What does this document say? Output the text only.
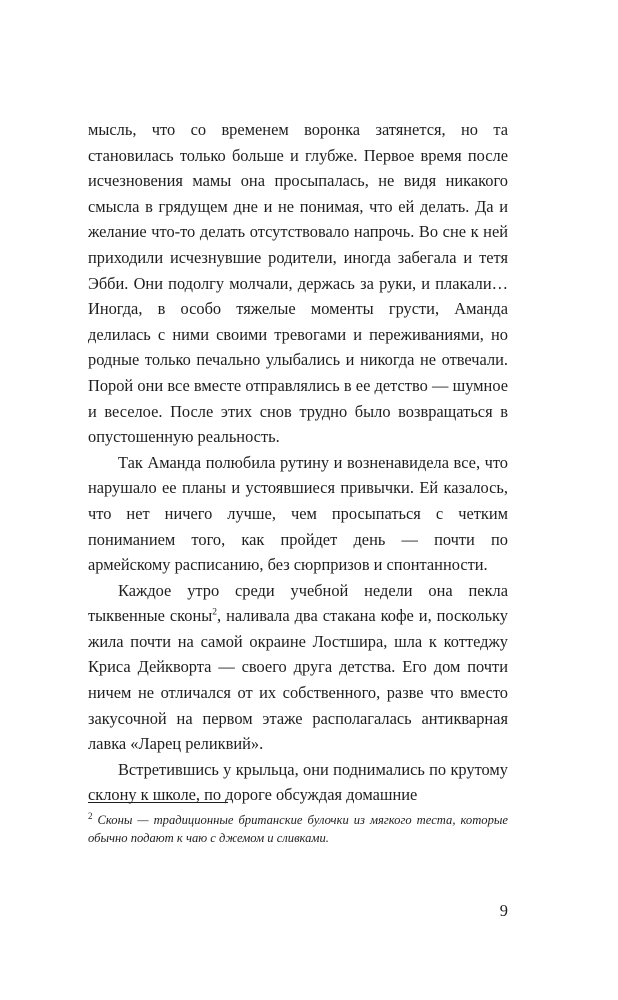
мысль, что со временем воронка затянется, но та становилась только больше и глубже. Первое время после исчезновения мамы она просыпалась, не видя никакого смысла в грядущем дне и не понимая, что ей делать. Да и желание что-то делать отсутствовало напрочь. Во сне к ней приходили исчезнувшие родители, иногда забегала и тетя Эбби. Они подолгу молчали, держась за руки, и плакали… Иногда, в особо тяжелые моменты грусти, Аманда делилась с ними своими тревогами и переживаниями, но родные только печально улыбались и никогда не отвечали. Порой они все вместе отправлялись в ее детство — шумное и веселое. После этих снов трудно было возвращаться в опустошенную реальность.

Так Аманда полюбила рутину и возненавидела все, что нарушало ее планы и устоявшиеся привычки. Ей казалось, что нет ничего лучше, чем просыпаться с четким пониманием того, как пройдет день — почти по армейскому расписанию, без сюрпризов и спонтанности.

Каждое утро среди учебной недели она пекла тыквенные сконы$^2$, наливала два стакана кофе и, поскольку жила почти на самой окраине Лостшира, шла к коттеджу Криса Дейкворта — своего друга детства. Его дом почти ничем не отличался от их собственного, разве что вместо закусочной на первом этаже располагалась антикварная лавка «Ларец реликвий».

Встретившись у крыльца, они поднимались по крутому склону к школе, по дороге обсуждая домашние

$^2$ Сконы — традиционные британские булочки из мягкого теста, которые обычно подают к чаю с джемом и сливками.
9
